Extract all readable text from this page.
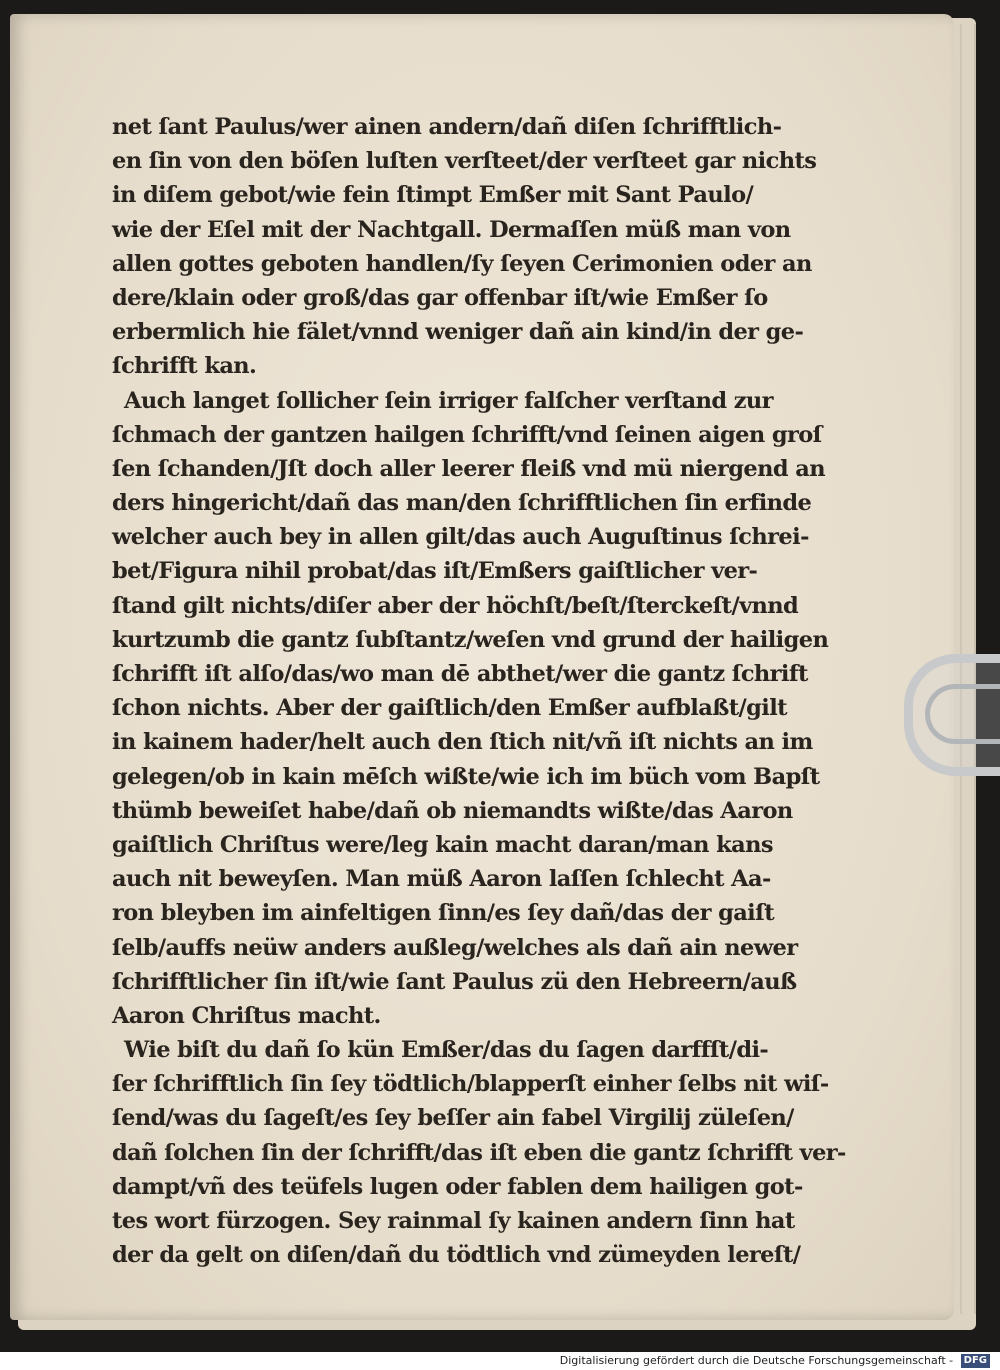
net ſant Paulus/wer ainen andern/dañ diſen ſchrifftlich-
en ſin von den böſen luſten verſteet/der verſteet gar nichts
in diſem gebot/wie fein ſtimpt Emßer mit Sant Paulo/
wie der Eſel mit der Nachtgall. Dermaſſen müß man von
allen gottes geboten handlen/ſy ſeyen Cerimonien oder an
dere/klain oder groß/das gar offenbar iſt/wie Emßer ſo
erbermlich hie fälet/vnnd weniger dañ ain kind/in der ge-
ſchrifft kan.
Auch langet ſollicher ſein irriger falſcher verſtand zur
ſchmach der gantzen hailgen ſchrifft/vnd ſeinen aigen groſ
ſen ſchanden/Jſt doch aller leerer fleiß vnd mü niergend an
ders hingericht/dañ das man/den ſchrifftlichen ſin erfinde
welcher auch bey in allen gilt/das auch Auguſtinus ſchrei-
bet/Figura nihil probat/das iſt/Emßers gaiſtlicher ver-
ſtand gilt nichts/diſer aber der höchſt/beſt/ſterckeſt/vnnd
kurtzumb die gantz ſubſtantz/weſen vnd grund der hailigen
ſchrifft iſt alſo/das/wo man dē abthet/wer die gantz ſchrift
ſchon nichts. Aber der gaiſtlich/den Emßer aufblaßt/gilt
in kainem hader/helt auch den ſtich nit/vñ iſt nichts an im
gelegen/ob in kain mēſch wißte/wie ich im büch vom Bapſt
thümb beweiſet habe/dañ ob niemandts wißte/das Aaron
gaiſtlich Chriſtus were/leg kain macht daran/man kans
auch nit beweyſen. Man müß Aaron laſſen ſchlecht Aa-
ron bleyben im ainfeltigen ſinn/es ſey dañ/das der gaiſt
ſelb/auffs neüw anders außleg/welches als dañ ain newer
ſchrifftlicher ſin iſt/wie ſant Paulus zü den Hebreern/auß
Aaron Chriſtus macht.
Wie biſt du dañ ſo kün Emßer/das du ſagen darffſt/di-
ſer ſchrifftlich ſin ſey tödtlich/blapperſt einher ſelbs nit wiſ-
ſend/was du ſageſt/es ſey beſſer ain fabel Virgilij züleſen/
dañ ſolchen ſin der ſchrifft/das iſt eben die gantz ſchrifft ver-
dampt/vñ des teüfels lugen oder fablen dem hailigen got-
tes wort fürzogen. Sey rainmal ſy kainen andern ſinn hat
der da gelt on diſen/dañ du tödtlich vnd zümeyden lereſt/
Digitalisierung gefördert durch die Deutsche Forschungsgemeinschaft - DFG
